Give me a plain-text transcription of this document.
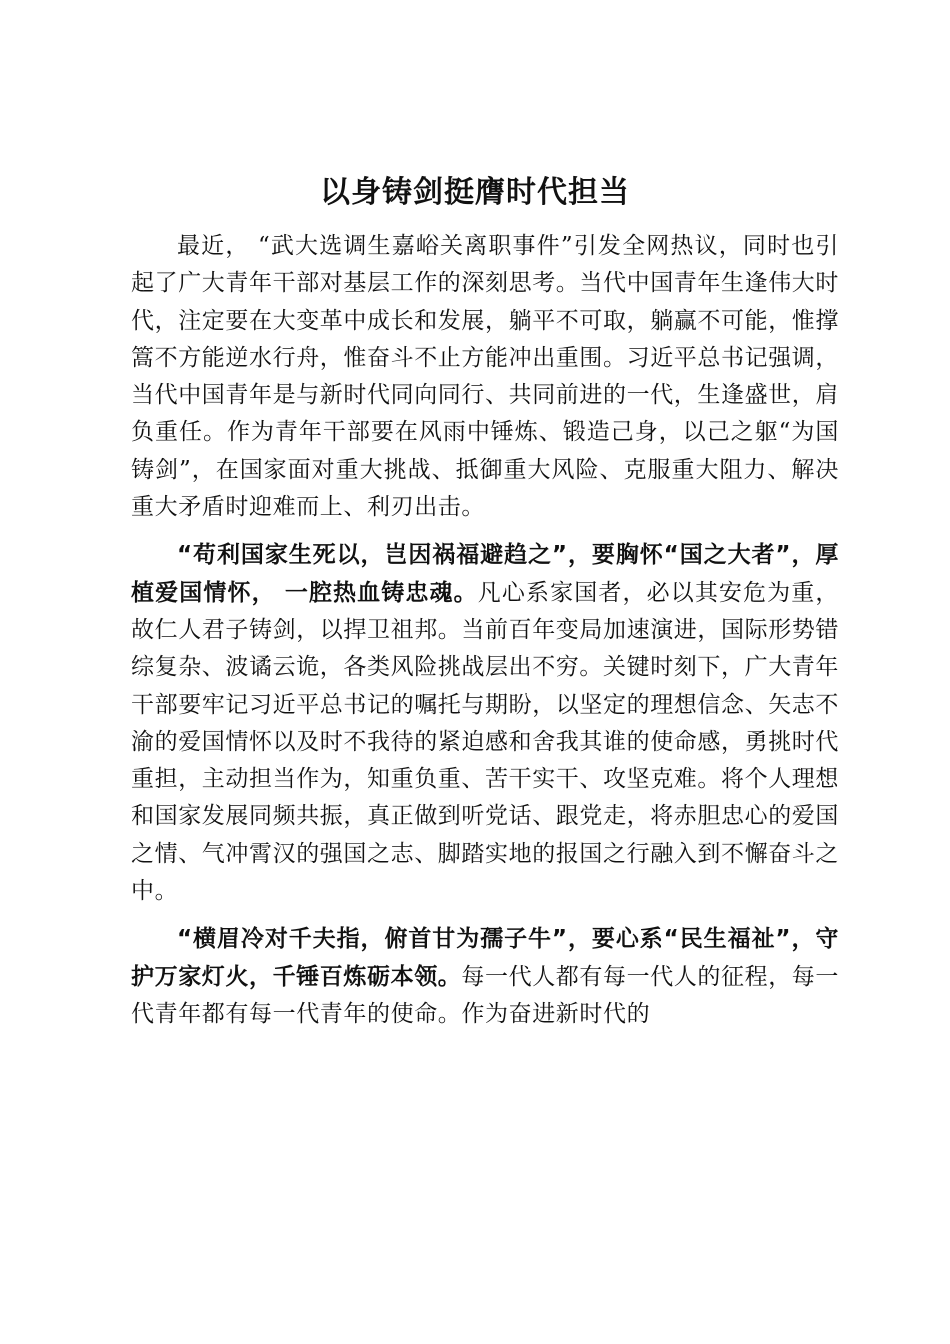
以身铸剑挺膺时代担当

最近， “武大选调生嘉峪关离职事件”引发全网热议，同时也引起了广大青年干部对基层工作的深刻思考。当代中国青年生逢伟大时代，注定要在大变革中成长和发展，躺平不可取，躺赢不可能，惟撑篙不方能逆水行舟，惟奋斗不止方能冲出重围。习近平总书记强调，当代中国青年是与新时代同向同行、共同前进的一代，生逢盛世，肩负重任。作为青年干部要在风雨中锤炼、锻造己身，以己之躯“为国铸剑”，在国家面对重大挑战、抵御重大风险、克服重大阻力、解决重大矛盾时迎难而上、利刃出击。

“苟利国家生死以，岂因祸福避趋之”，要胸怀“国之大者”，厚植爱国情怀， 一腔热血铸忠魂。凡心系家国者，必以其安危为重，故仁人君子铸剑，以捍卫祖邦。当前百年变局加速演进，国际形势错综复杂、波谲云诡，各类风险挑战层出不穷。关键时刻下，广大青年干部要牢记习近平总书记的嘱托与期盼，以坚定的理想信念、矢志不渝的爱国情怀以及时不我待的紧迫感和舍我其谁的使命感，勇挑时代重担，主动担当作为，知重负重、苦干实干、攻坚克难。将个人理想和国家发展同频共振，真正做到听党话、跟党走，将赤胆忠心的爱国之情、气冲霄汉的强国之志、脚踏实地的报国之行融入到不懈奋斗之中。

“横眉冷对千夫指，俯首甘为孺子牛”，要心系“民生福祉”，守护万家灯火，千锤百炼砺本领。每一代人都有每一代人的征程，每一代青年都有每一代青年的使命。作为奋进新时代的
